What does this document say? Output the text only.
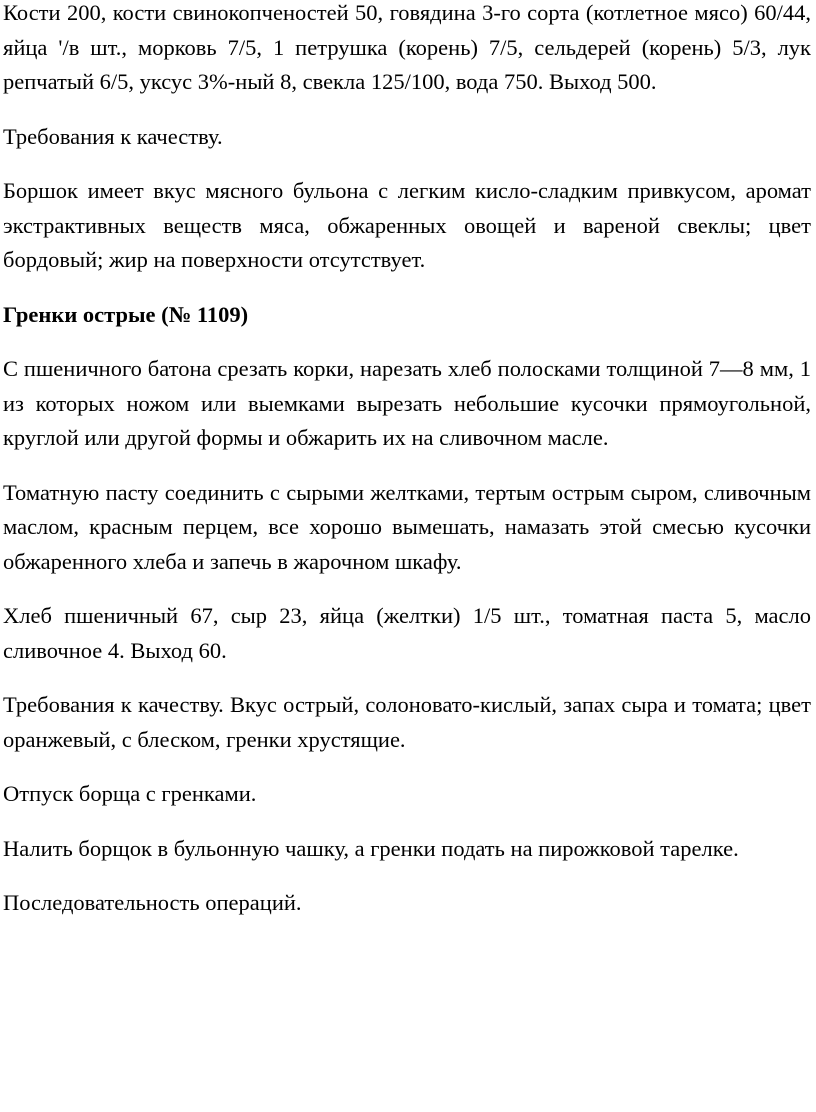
Кости 200, кости свинокопченостей 50, говядина 3-го сорта (котлетное мясо) 60/44, яйца '/в шт., морковь 7/5, 1 петрушка (корень) 7/5, сельдерей (корень) 5/3, лук репчатый 6/5, уксус 3%-ный 8, свекла 125/100, вода 750. Выход 500.

Требования к качеству.

Боршок имеет вкус мясного бульона с легким кисло-сладким привкусом, аромат экстрактивных веществ мяса, обжаренных овощей и вареной свеклы; цвет бордовый; жир на поверхности отсутствует.

Гренки острые (№ 1109)

С пшеничного батона срезать корки, нарезать хлеб полосками толщиной 7—8 мм, 1 из которых ножом или выемками вырезать небольшие кусочки прямоугольной, круглой или другой формы и обжарить их на сливочном масле.

Томатную пасту соединить с сырыми желтками, тертым острым сыром, сливочным маслом, красным перцем, все хорошо вымешать, намазать этой смесью кусочки обжаренного хлеба и запечь в жарочном шкафу.

Хлеб пшеничный 67, сыр 23, яйца (желтки) 1/5 шт., томатная паста 5, масло сливочное 4. Выход 60.

Требования к качеству. Вкус острый, солоновато-кислый, запах сыра и томата; цвет оранжевый, с блеском, гренки хрустящие.

Отпуск борща с гренками.

Налить борщок в бульонную чашку, а гренки подать на пирожковой тарелке.

Последовательность операций.
